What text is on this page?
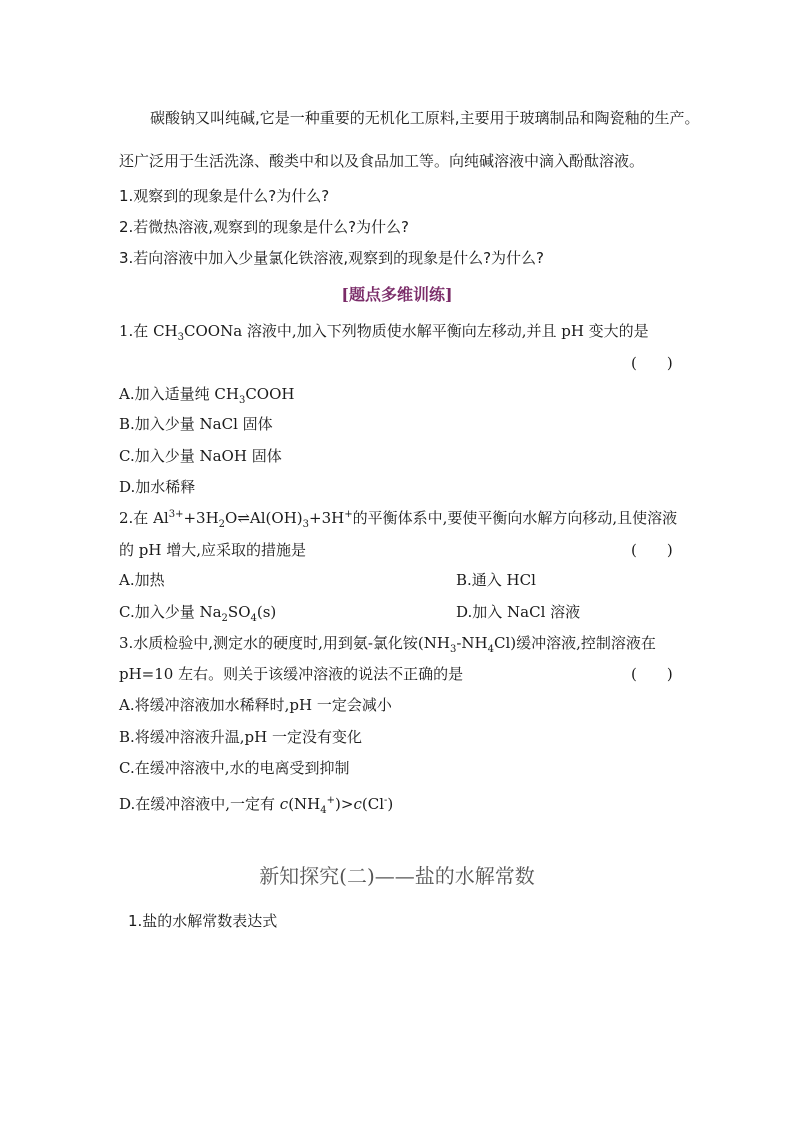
碳酸钠又叫纯碱,它是一种重要的无机化工原料,主要用于玻璃制品和陶瓷釉的生产。
还广泛用于生活洗涤、酸类中和以及食品加工等。向纯碱溶液中滴入酚酞溶液。
1.观察到的现象是什么?为什么?
2.若微热溶液,观察到的现象是什么?为什么?
3.若向溶液中加入少量氯化铁溶液,观察到的现象是什么?为什么?
[题点多维训练]
1.在 $CH_3COONa$ 溶液中,加入下列物质使水解平衡向左移动,并且 pH 变大的是
(　　)
A.加入适量纯 $CH_3COOH$
B.加入少量 NaCl 固体
C.加入少量 NaOH 固体
D.加水稀释
2.在 $Al^{3+}+3H_2O\rightleftharpoons Al(OH)_3+3H^+$的平衡体系中,要使平衡向水解方向移动,且使溶液
的 pH 增大,应采取的措施是	(　　)
A.加热	B.通入 HCl
C.加入少量 $Na_2SO_4(s)$	D.加入 NaCl 溶液
3.水质检验中,测定水的硬度时,用到氨-氯化铵$(NH_3-NH_4Cl)$缓冲溶液,控制溶液在
pH=10 左右。则关于该缓冲溶液的说法不正确的是	(　　)
A.将缓冲溶液加水稀释时,pH 一定会减小
B.将缓冲溶液升温,pH 一定没有变化
C.在缓冲溶液中,水的电离受到抑制
D.在缓冲溶液中,一定有 $c(NH_4^+)>c(Cl^-)$
新知探究(二)——盐的水解常数
1.盐的水解常数表达式
